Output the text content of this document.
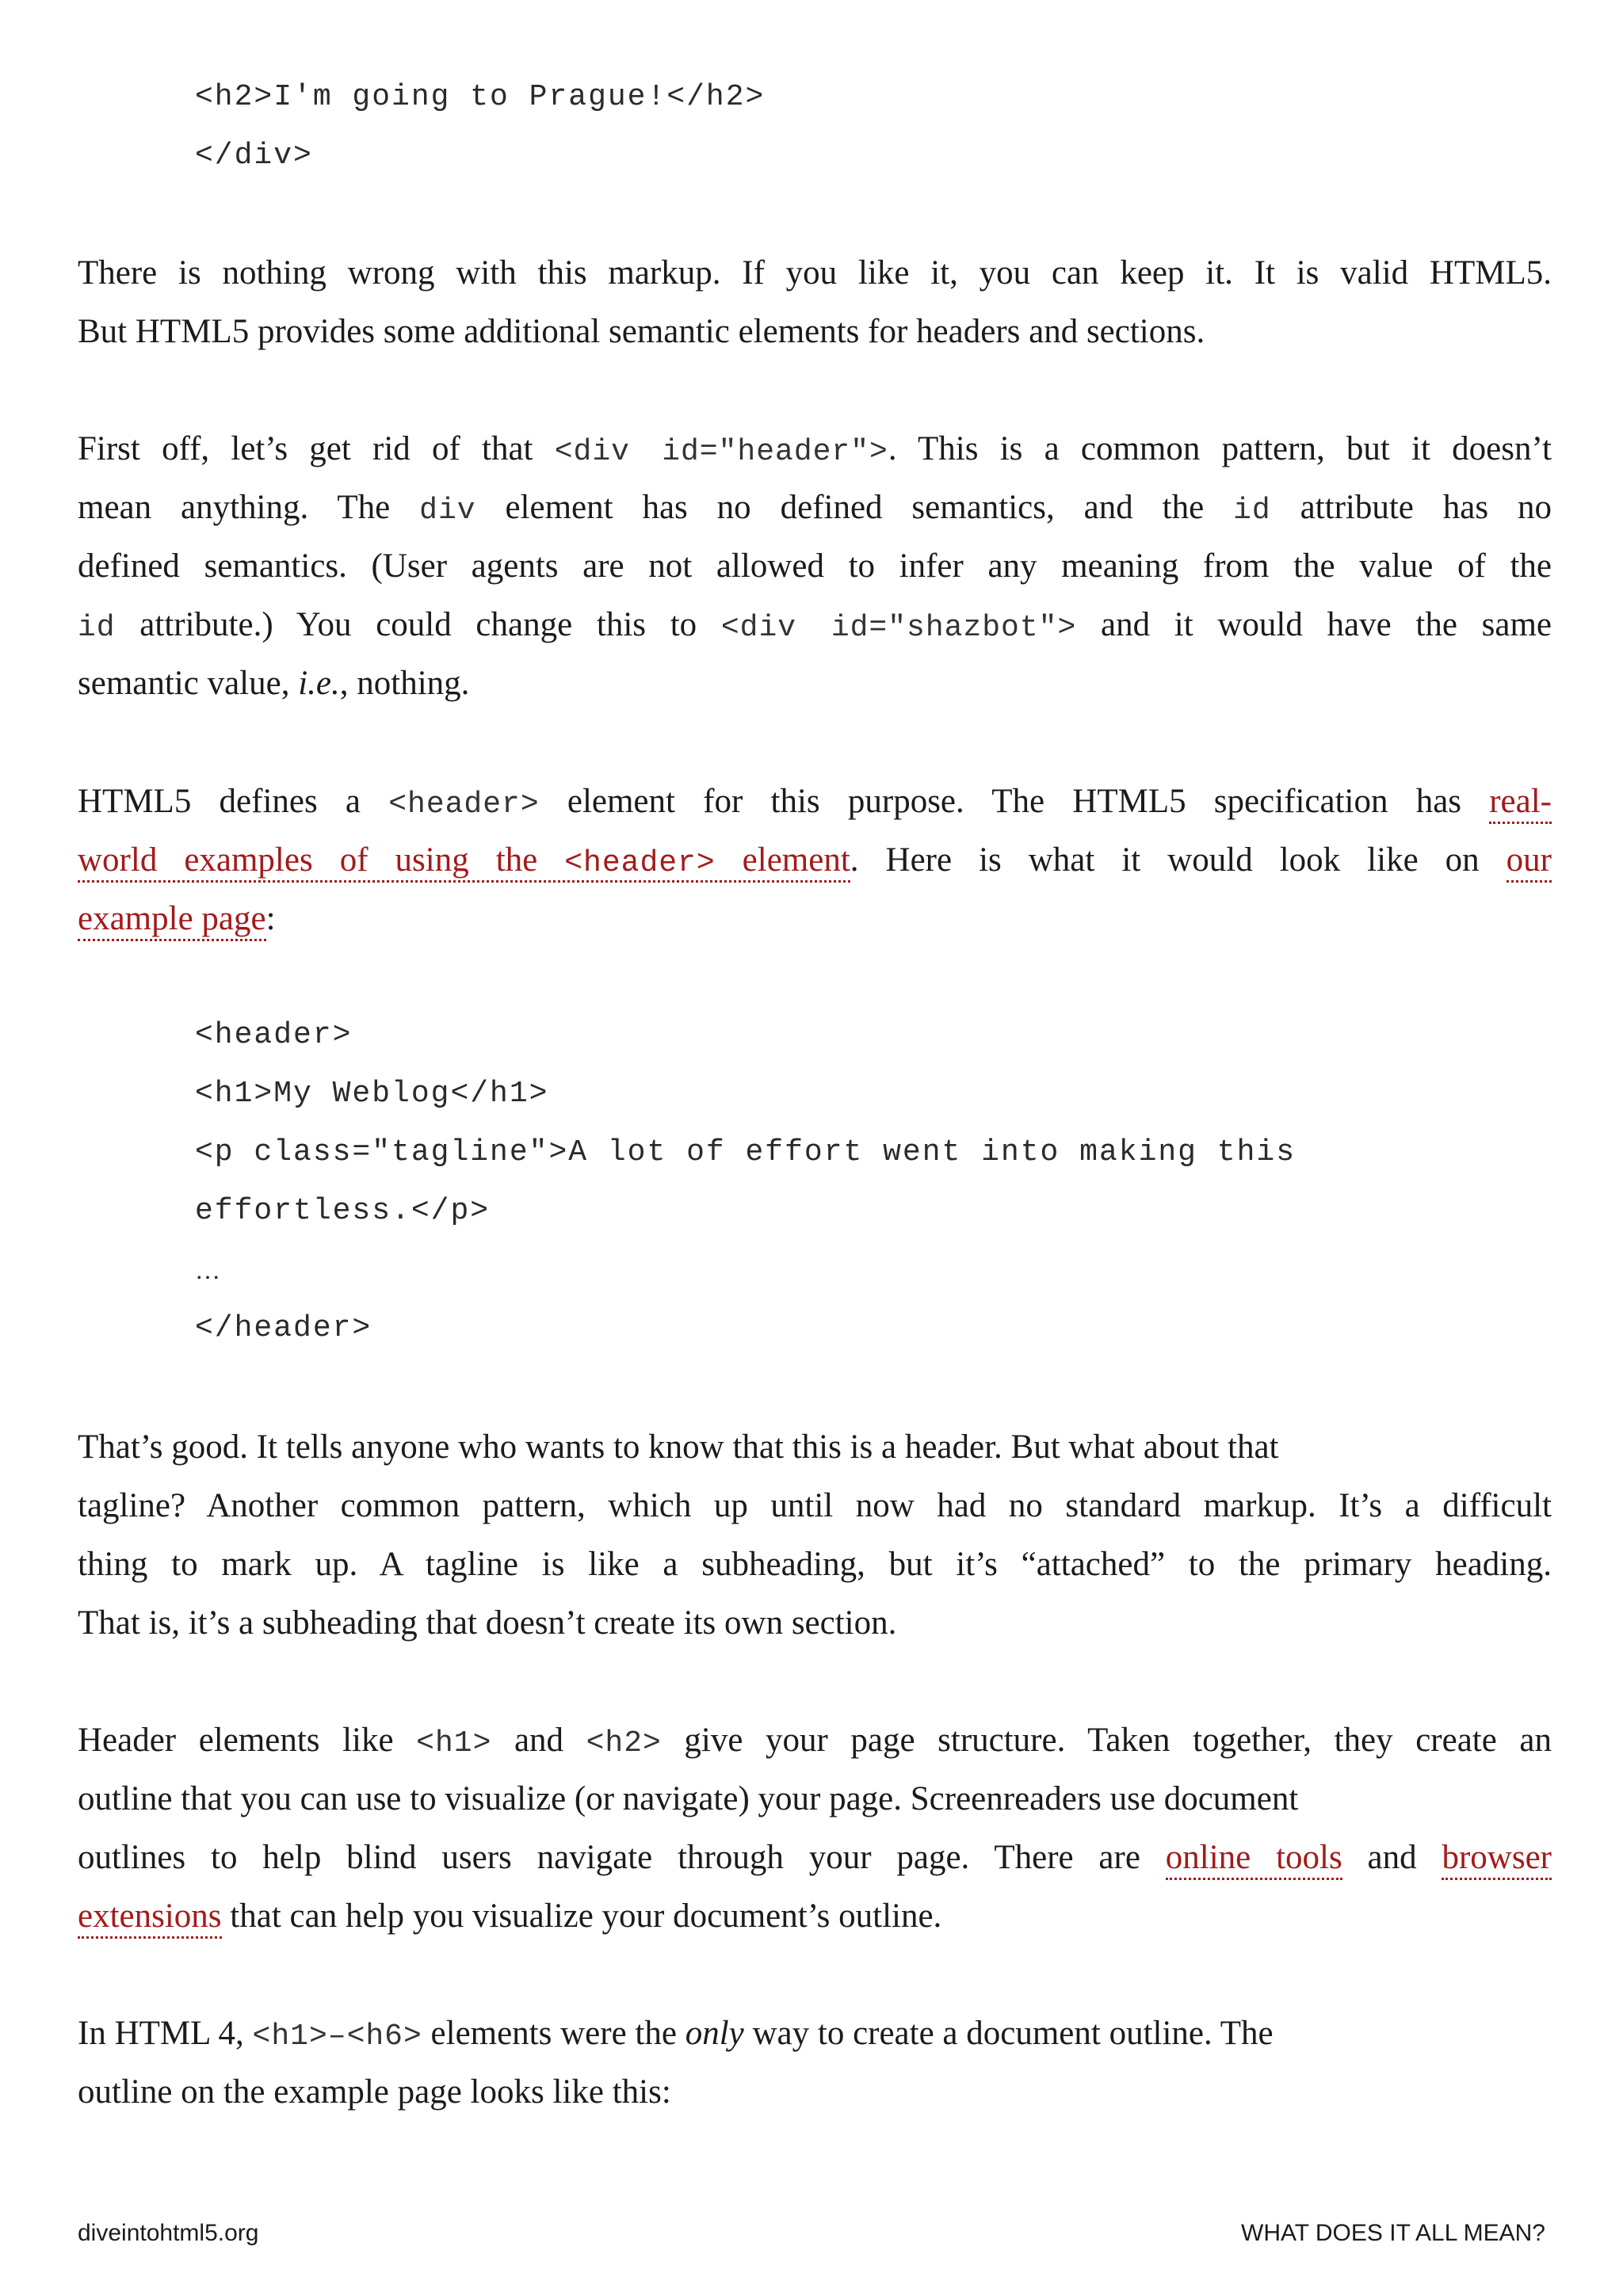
<h2>I'm going to Prague!</h2>
</div>
There is nothing wrong with this markup. If you like it, you can keep it. It is valid HTML5.
But HTML5 provides some additional semantic elements for headers and sections.
First off, let’s get rid of that <div id="header">. This is a common pattern, but it doesn’t
mean anything. The div element has no defined semantics, and the id attribute has no
defined semantics. (User agents are not allowed to infer any meaning from the value of the
id attribute.) You could change this to <div id="shazbot"> and it would have the same
semantic value, i.e., nothing.
HTML5 defines a <header> element for this purpose. The HTML5 specification has real-
world examples of using the <header> element. Here is what it would look like on our
example page:
<header>
<h1>My Weblog</h1>
<p class="tagline">A lot of effort went into making this
effortless.</p>
…
</header>
That’s good. It tells anyone who wants to know that this is a header. But what about that
tagline? Another common pattern, which up until now had no standard markup. It’s a difficult
thing to mark up. A tagline is like a subheading, but it’s “attached” to the primary heading.
That is, it’s a subheading that doesn’t create its own section.
Header elements like <h1> and <h2> give your page structure. Taken together, they create an
outline that you can use to visualize (or navigate) your page. Screenreaders use document
outlines to help blind users navigate through your page. There are online tools and browser
extensions that can help you visualize your document’s outline.
In HTML 4, <h1>–<h6> elements were the only way to create a document outline. The
outline on the example page looks like this:
diveintohtml5.org	WHAT DOES IT ALL MEAN?
